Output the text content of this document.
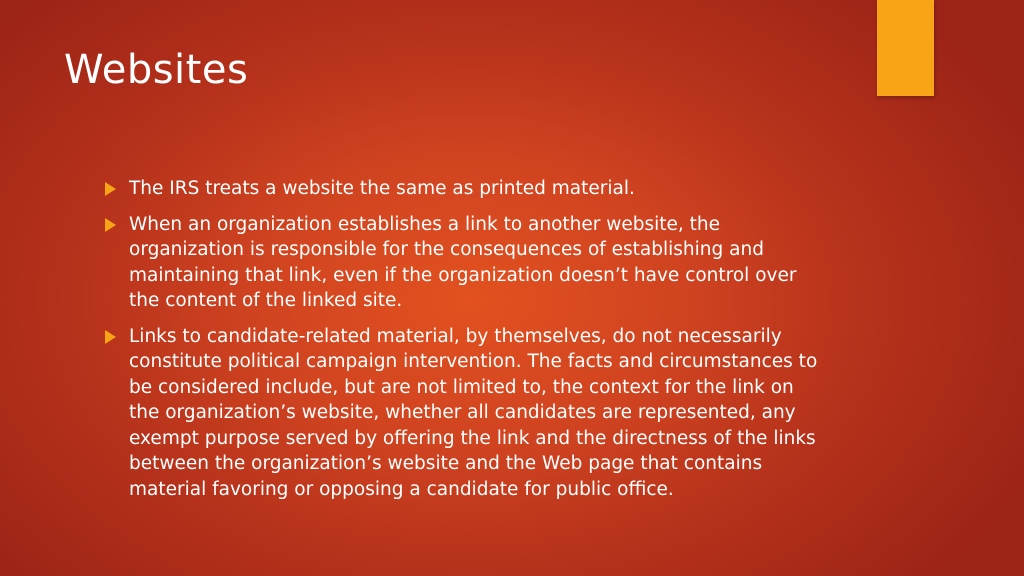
Websites
The IRS treats a website the same as printed material.
When an organization establishes a link to another website, the organization is responsible for the consequences of establishing and maintaining that link, even if the organization doesn’t have control over the content of the linked site.
Links to candidate-related material, by themselves, do not necessarily constitute political campaign intervention. The facts and circumstances to be considered include, but are not limited to, the context for the link on the organization’s website, whether all candidates are represented, any exempt purpose served by offering the link and the directness of the links between the organization’s website and the Web page that contains material favoring or opposing a candidate for public office.
